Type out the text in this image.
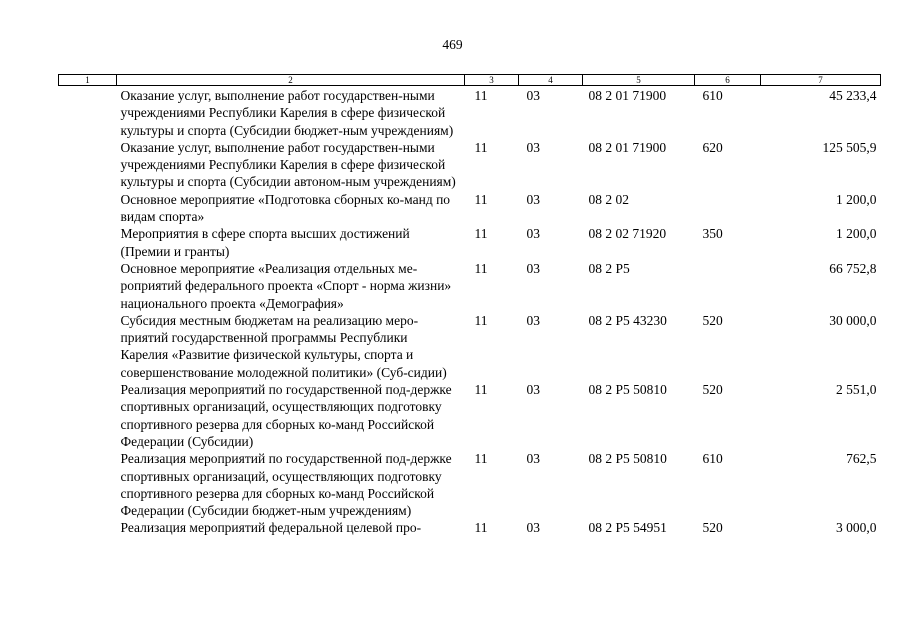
469
1	2	3	4	5	6	7
	Оказание услуг, выполнение работ государствен-ными учреждениями Республики Карелия в сфере физической культуры и спорта (Субсидии бюджет-ным учреждениям)	11	03	08 2 01 71900	610	45 233,4
	Оказание услуг, выполнение работ государствен-ными учреждениями Республики Карелия в сфере физической культуры и спорта (Субсидии автоном-ным учреждениям)	11	03	08 2 01 71900	620	125 505,9
	Основное мероприятие «Подготовка сборных ко-манд по видам спорта»	11	03	08 2 02		1 200,0
	Мероприятия в сфере спорта высших достижений (Премии и гранты)	11	03	08 2 02 71920	350	1 200,0
	Основное мероприятие «Реализация отдельных ме-роприятий федерального проекта «Спорт - норма жизни» национального проекта «Демография»	11	03	08 2 Р5		66 752,8
	Субсидия местным бюджетам на реализацию меро-приятий государственной программы Республики Карелия «Развитие физической культуры, спорта и совершенствование молодежной политики» (Суб-сидии)	11	03	08 2 Р5 43230	520	30 000,0
	Реализация мероприятий по государственной под-держке спортивных организаций, осуществляющих подготовку спортивного резерва для сборных ко-манд Российской Федерации (Субсидии)	11	03	08 2 Р5 50810	520	2 551,0
	Реализация мероприятий по государственной под-держке спортивных организаций, осуществляющих подготовку спортивного резерва для сборных ко-манд Российской Федерации (Субсидии бюджет-ным учреждениям)	11	03	08 2 Р5 50810	610	762,5
	Реализация мероприятий федеральной целевой про-	11	03	08 2 Р5 54951	520	3 000,0
